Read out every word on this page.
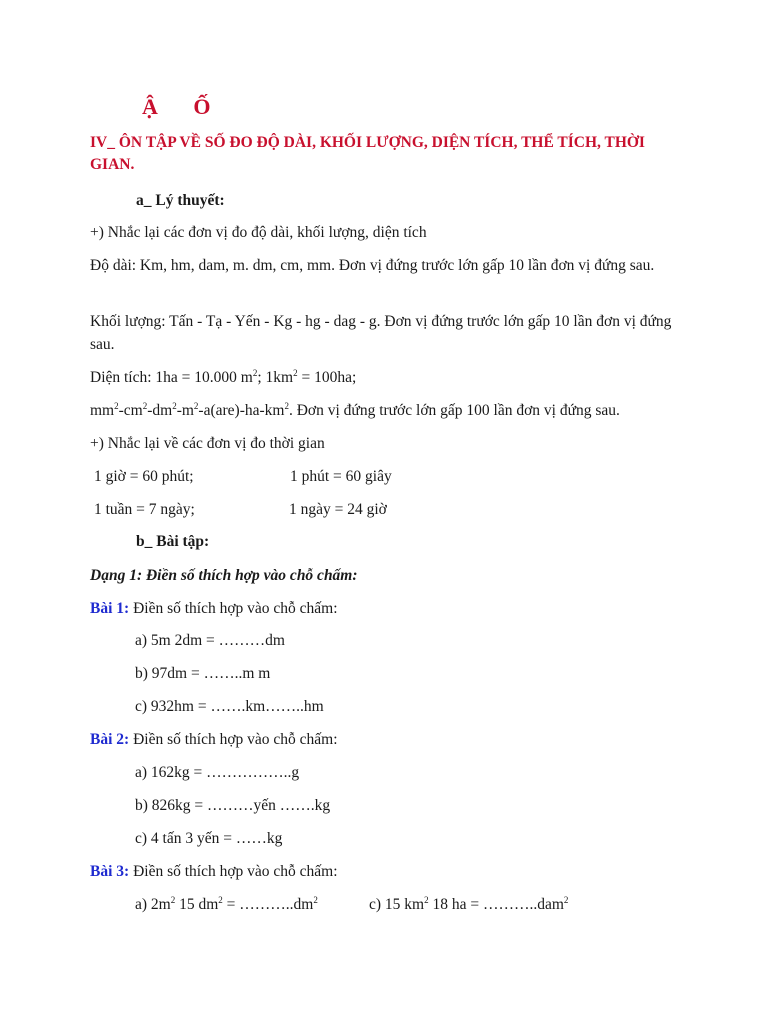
Ậ Ố
IV_ ÔN TẬP VỀ SỐ ĐO ĐỘ DÀI, KHỐI LƯỢNG, DIỆN TÍCH, THỂ TÍCH, THỜI GIAN.
a_ Lý thuyết:
+) Nhắc lại các đơn vị đo độ dài, khối lượng, diện tích
Độ dài: Km, hm, dam, m. dm, cm, mm. Đơn vị đứng trước lớn gấp 10 lần đơn vị đứng sau.
Khối lượng: Tấn - Tạ - Yến - Kg - hg - dag - g. Đơn vị đứng trước lớn gấp 10 lần đơn vị đứng sau.
Diện tích: 1ha = 10.000 $m^2$; $1km^2 = 100ha$;
$mm^2-cm^2-dm^2-m^2-a(are)-ha-km^2$. Đơn vị đứng trước lớn gấp 100 lần đơn vị đứng sau.
+) Nhắc lại về các đơn vị đo thời gian
1 giờ = 60 phút;	1 phút = 60 giây
1 tuần = 7 ngày;	1 ngày = 24 giờ
b_ Bài tập:
Dạng 1: Điền số thích hợp vào chỗ chấm:
Bài 1: Điền số thích hợp vào chỗ chấm:
a) 5m 2dm = ………dm
b) 97dm = ……..m m
c) 932hm = …….km……..hm
Bài 2: Điền số thích hợp vào chỗ chấm:
a) 162kg = ……………..g
b) 826kg = ………yến …….kg
c) 4 tấn 3 yến = ……kg
Bài 3: Điền số thích hợp vào chỗ chấm:
a) $2m^2$ 15 $dm^2$ = $\dots\dots\dots..dm^2$	c) 15 $km^2$ 18 ha = ………..dam$^2$
